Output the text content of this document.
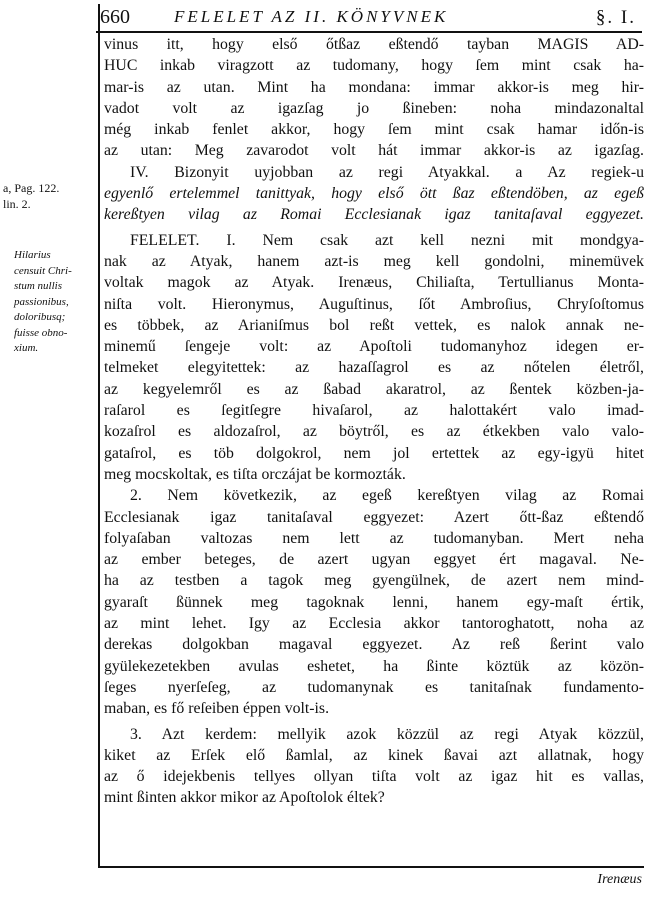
660	FELELET AZ II. KÖNYVNEK	§. I.
a, Pag. 122.
lin. 2.
Hilarius
censuit Chri-
stum nullis
passionibus,
doloribusq;
fuisse obno-
xium.
vinus itt, hogy első őtßaz eßtendő tayban MAGIS AD-
HUC inkab viragzott az tudomany, hogy ſem mint csak ha-
mar-is az utan. Mint ha mondana: immar akkor-is meg hir-
vadot volt az igazſag jo ßineben: noha mindazonaltal
még inkab fenlet akkor, hogy ſem mint csak hamar időn-is
az utan: Meg zavarodot volt hát immar akkor-is az igazſag.
IV. Bizonyit uyjobban az regi Atyakkal. a Az regiek-u
egyenlő ertelemmel tanittyak, hogy első ött ßaz eßtendöben, az egeß
kereßtyen vilag az Romai Ecclesianak igaz tanitaſaval eggyezet.
FELELET. I. Nem csak azt kell nezni mit mondgya-
nak az Atyak, hanem azt-is meg kell gondolni, minemüvek
voltak magok az Atyak. Irenæus, Chiliaſta, Tertullianus Monta-
niſta volt. Hieronymus, Auguſtinus, ſőt Ambroſius, Chryſoſtomus
es többek, az Arianiſmus bol reßt vettek, es nalok annak ne-
minemű ſengeje volt: az Apoſtoli tudomanyhoz idegen er-
telmeket elegyitettek: az hazaſſagrol es az nőtelen életről,
az kegyelemről es az ßabad akaratrol, az ßentek közben-ja-
raſarol es ſegitſegre hivaſarol, az halottakért valo imad-
kozaſrol es aldozaſrol, az böytről, es az étkekben valo valo-
gataſrol, es töb dolgokrol, nem jol ertettek az egy-igyü hitet
meg mocskoltak, es tiſta orczájat be kormozták.
2. Nem következik, az egeß kereßtyen vilag az Romai
Ecclesianak igaz tanitaſaval eggyezet: Azert őtt-ßaz eßtendő
folyaſaban valtozas nem lett az tudomanyban. Mert neha
az ember beteges, de azert ugyan eggyet ért magaval. Ne-
ha az testben a tagok meg gyengülnek, de azert nem mind-
gyaraſt ßünnek meg tagoknak lenni, hanem egy-maſt értik,
az mint lehet. Igy az Ecclesia akkor tantoroghatott, noha az
derekas dolgokban magaval eggyezet. Az reß ßerint valo
gyülekezetekben avulas eshetet, ha ßinte köztük az közön-
ſeges nyerſeſeg, az tudomanynak es tanitaſnak fundamento-
maban, es fő reſeiben éppen volt-is.
3. Azt kerdem: mellyik azok közzül az regi Atyak közzül,
kiket az Erſek elő ßamlal, az kinek ßavai azt allatnak, hogy
az ő idejekbenis tellyes ollyan tiſta volt az igaz hit es vallas,
mint ßinten akkor mikor az Apoſtolok éltek?
Irenæus
